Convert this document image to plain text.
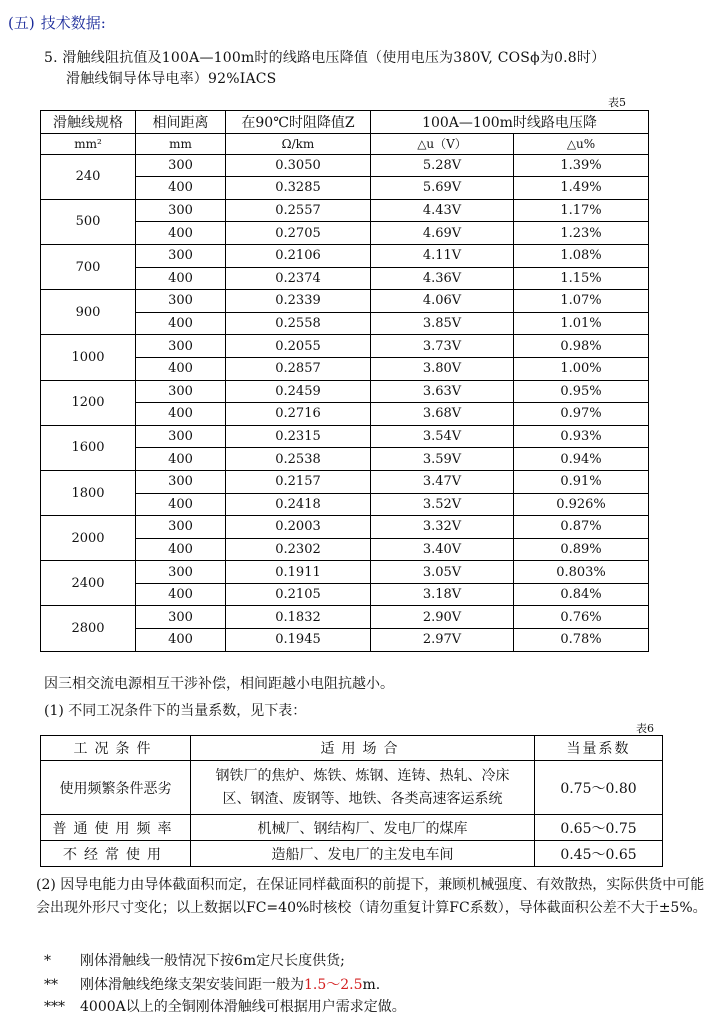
(五) 技术数据:
5. 滑触线阻抗值及100A—100m时的线路电压降值（使用电压为380V, COSϕ为0.8时）
滑触线铜导体导电率）92%IACS
表5
滑触线规格	相间距离	在90℃时阻降值Z	100A—100m时线路电压降	
mm²	mm	Ω/km	△u（V）	△u%
240	300	0.3050	5.28V	1.39%
	400	0.3285	5.69V	1.49%
500	300	0.2557	4.43V	1.17%
	400	0.2705	4.69V	1.23%
700	300	0.2106	4.11V	1.08%
	400	0.2374	4.36V	1.15%
900	300	0.2339	4.06V	1.07%
	400	0.2558	3.85V	1.01%
1000	300	0.2055	3.73V	0.98%
	400	0.2857	3.80V	1.00%
1200	300	0.2459	3.63V	0.95%
	400	0.2716	3.68V	0.97%
1600	300	0.2315	3.54V	0.93%
	400	0.2538	3.59V	0.94%
1800	300	0.2157	3.47V	0.91%
	400	0.2418	3.52V	0.926%
2000	300	0.2003	3.32V	0.87%
	400	0.2302	3.40V	0.89%
2400	300	0.1911	3.05V	0.803%
	400	0.2105	3.18V	0.84%
2800	300	0.1832	2.90V	0.76%
	400	0.1945	2.97V	0.78%
因三相交流电源相互干涉补偿，相间距越小电阻抗越小。
(1) 不同工况条件下的当量系数，见下表：
表6
工况条件	适用场合	当量系数
使用频繁条件恶劣	钢铁厂的焦炉、炼铁、炼钢、连铸、热轧、冷床
区、钢渣、废钢等、地铁、各类高速客运系统	0.75～0.80
普通使用频率	机械厂、钢结构厂、发电厂的煤库	0.65～0.75
不经常使用	造船厂、发电厂的主发电车间	0.45～0.65
(2) 因导电能力由导体截面积而定，在保证同样截面积的前提下，兼顾机械强度、有效散热，实际供货中可能会出现外形尺寸变化；以上数据以FC=40%时核校（请勿重复计算FC系数），导体截面积公差不大于±5%。
* 刚体滑触线一般情况下按6m定尺长度供货;
** 刚体滑触线绝缘支架安装间距一般为1.5～2.5m.
*** 4000A以上的全铜刚体滑触线可根据用户需求定做。
